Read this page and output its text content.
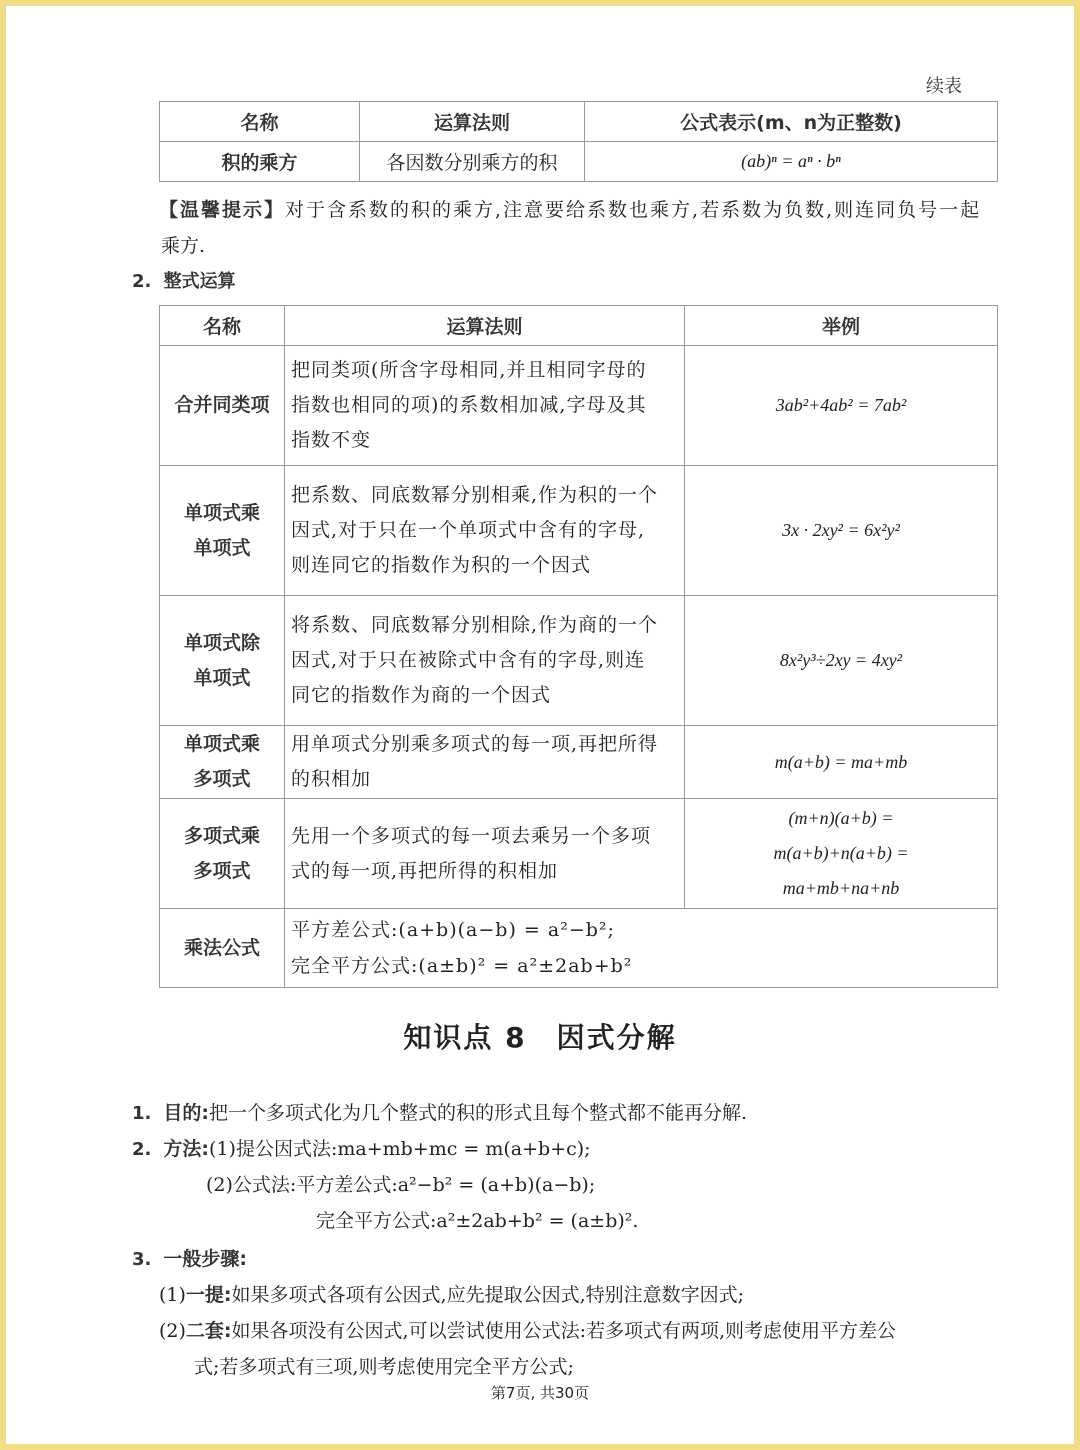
续表
名称	运算法则	公式表示(m、n为正整数)
积的乘方	各因数分别乘方的积	(ab)ⁿ = aⁿ · bⁿ
【温馨提示】对于含系数的积的乘方,注意要给系数也乘方,若系数为负数,则连同负号一起
乘方.
2. 整式运算
名称	运算法则	举例

合并同类项	把同类项(所含字母相同,并且相同字母的
指数也相同的项)的系数相加减,字母及其
指数不变	3ab²+4ab² = 7ab²

单项式乘
单项式	把系数、同底数幂分别相乘,作为积的一个
因式,对于只在一个单项式中含有的字母,
则连同它的指数作为积的一个因式	3x · 2xy² = 6x²y²

单项式除
单项式	将系数、同底数幂分别相除,作为商的一个
因式,对于只在被除式中含有的字母,则连
同它的指数作为商的一个因式	8x²y³÷2xy = 4xy²

单项式乘
多项式	用单项式分别乘多项式的每一项,再把所得
的积相加	m(a+b) = ma+mb

多项式乘
多项式	先用一个多项式的每一项去乘另一个多项
式的每一项,再把所得的积相加	(m+n)(a+b) =
m(a+b)+n(a+b) =
ma+mb+na+nb

乘法公式	平方差公式:(a+b)(a−b) = a²−b²;
完全平方公式:(a±b)² = a²±2ab+b²	
知识点 8　因式分解
1. 目的:把一个多项式化为几个整式的积的形式且每个整式都不能再分解.
2. 方法:(1)提公因式法:ma+mb+mc = m(a+b+c);
(2)公式法:平方差公式:a²−b² = (a+b)(a−b);
完全平方公式:a²±2ab+b² = (a±b)².
3. 一般步骤:
(1)一提:如果多项式各项有公因式,应先提取公因式,特别注意数字因式;
(2)二套:如果各项没有公因式,可以尝试使用公式法:若多项式有两项,则考虑使用平方差公
式;若多项式有三项,则考虑使用完全平方公式;
第7页, 共30页
